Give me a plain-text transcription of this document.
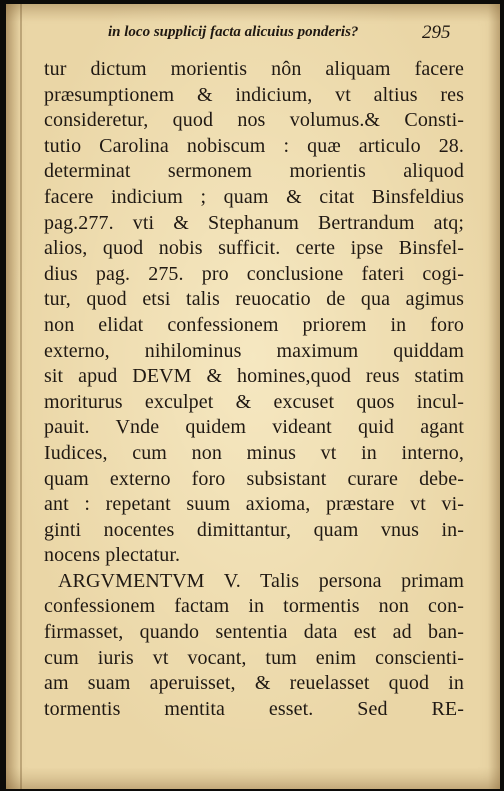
in loco supplicij facta alicuius ponderis?	295
tur dictum morientis nôn aliquam facere
præsumptionem & indicium, vt altius res
consideretur, quod nos volumus.& Consti-
tutio Carolina nobiscum : quæ articulo 28.
determinat sermonem morientis aliquod
facere indicium ; quam & citat Binsfeldius
pag.277. vti & Stephanum Bertrandum atq;
alios, quod nobis sufficit. certe ipse Binsfel-
dius pag. 275. pro conclusione fateri cogi-
tur, quod etsi talis reuocatio de qua agimus
non elidat confessionem priorem in foro
externo, nihilominus maximum quiddam
sit apud DEVM & homines,quod reus statim
moriturus exculpet & excuset quos incul-
pauit. Vnde quidem videant quid agant
Iudices, cum non minus vt in interno,
quam externo foro subsistant curare debe-
ant : repetant suum axioma, præstare vt vi-
ginti nocentes dimittantur, quam vnus in-
nocens plectatur.
ARGVMENTVM V. Talis persona primam
confessionem factam in tormentis non con-
firmasset, quando sententia data est ad ban-
cum iuris vt vocant, tum enim conscienti-
am suam aperuisset, & reuelasset quod in
tormentis mentita esset. Sed RE-
